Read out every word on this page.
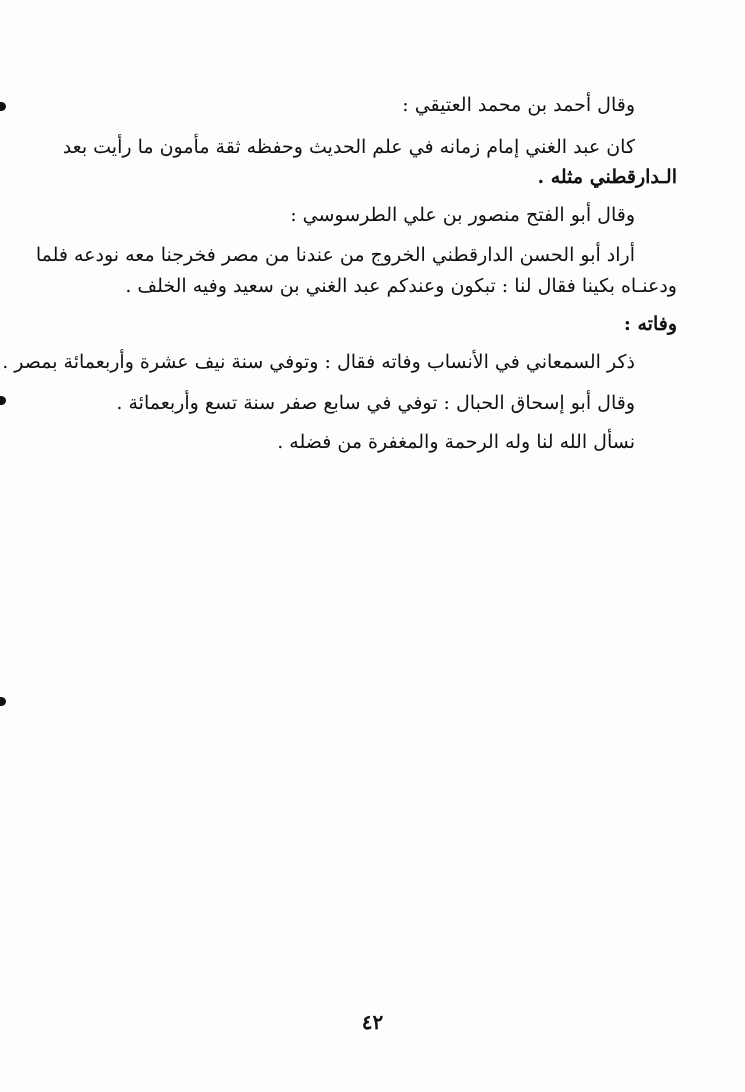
وقال أحمد بن محمد العتيقي :
كان عبد الغني إمام زمانه في علم الحديث وحفظه ثقة مأمون ما رأيت بعد
الـدارقطني مثله .
وقال أبو الفتح منصور بن علي الطرسوسي :
أراد أبو الحسن الدارقطني الخروج من عندنا من مصر فخرجنا معه نودعه فلما
ودعنـاه بكينا فقال لنا : تبكون وعندكم عبد الغني بن سعيد وفيه الخلف .
وفاته :
ذكر السمعاني في الأنساب وفاته فقال : وتوفي سنة نيف عشرة وأربعمائة بمصر .
وقال أبو إسحاق الحبال : توفي في سابع صفر سنة تسع وأربعمائة .
نسأل الله لنا وله الرحمة والمغفرة من فضله .
٤٢
